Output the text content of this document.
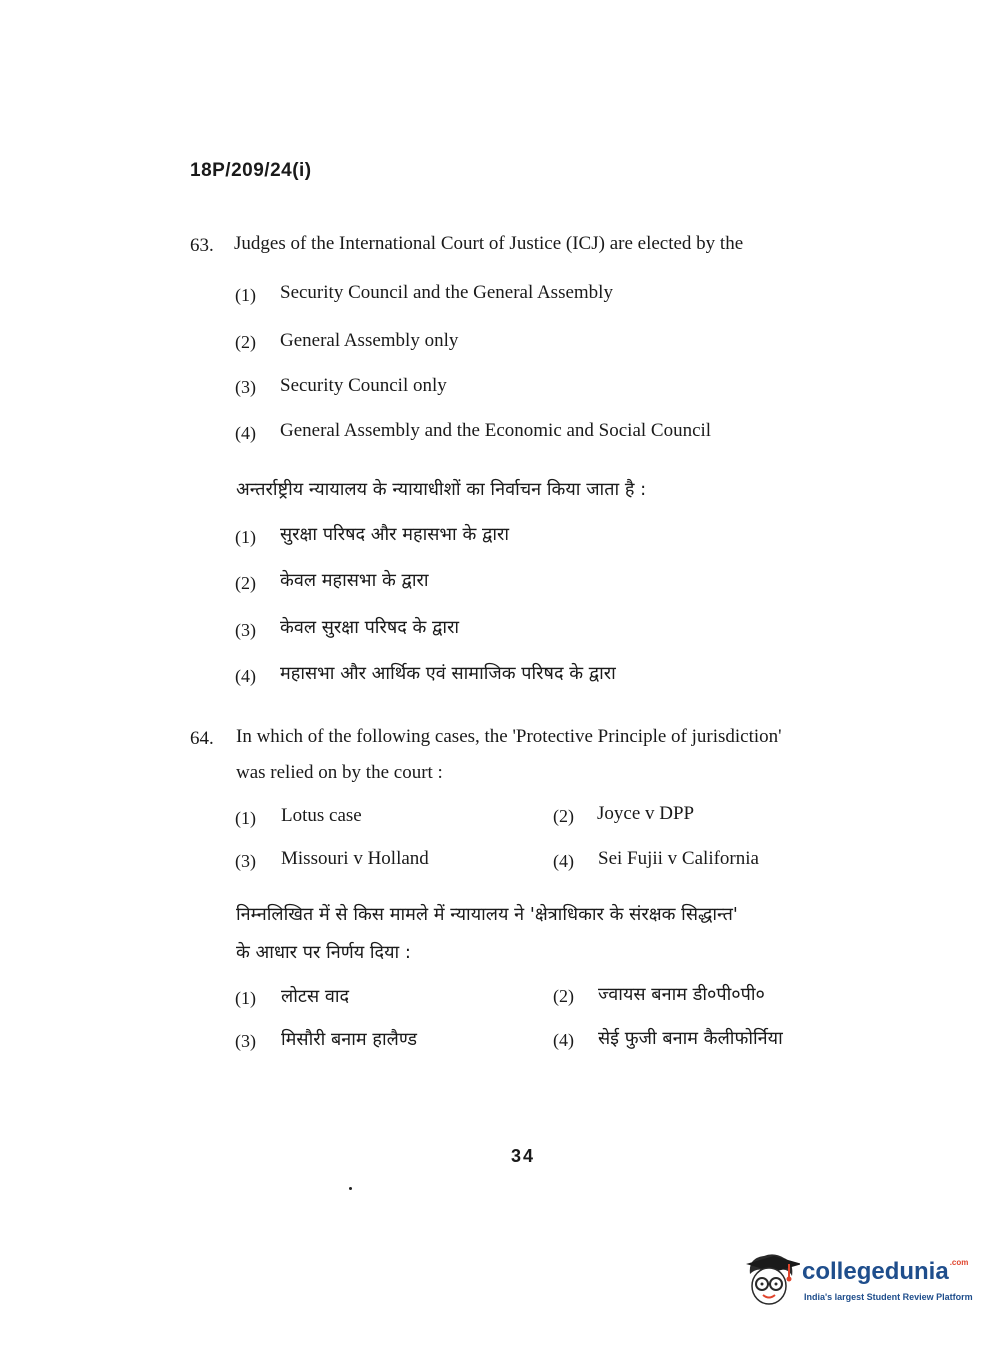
18P/209/24(i)
63. Judges of the International Court of Justice (ICJ) are elected by the
(1) Security Council and the General Assembly
(2) General Assembly only
(3) Security Council only
(4) General Assembly and the Economic and Social Council
अन्तर्राष्ट्रीय न्यायालय के न्यायाधीशों का निर्वाचन किया जाता है :
(1) सुरक्षा परिषद और महासभा के द्वारा
(2) केवल महासभा के द्वारा
(3) केवल सुरक्षा परिषद के द्वारा
(4) महासभा और आर्थिक एवं सामाजिक परिषद के द्वारा
64. In which of the following cases, the 'Protective Principle of jurisdiction'
was relied on by the court :
(1) Lotus case	(2) Joyce v DPP
(3) Missouri v Holland	(4) Sei Fujii v California
निम्नलिखित में से किस मामले में न्यायालय ने 'क्षेत्राधिकार के संरक्षक सिद्धान्त'
के आधार पर निर्णय दिया :
(1) लोटस वाद	(2) ज्वायस बनाम डी०पी०पी०
(3) मिसौरी बनाम हालैण्ड	(4) सेई फुजी बनाम कैलीफोर्निया
34
collegedunia$^{.com}$
India's largest Student Review Platform
